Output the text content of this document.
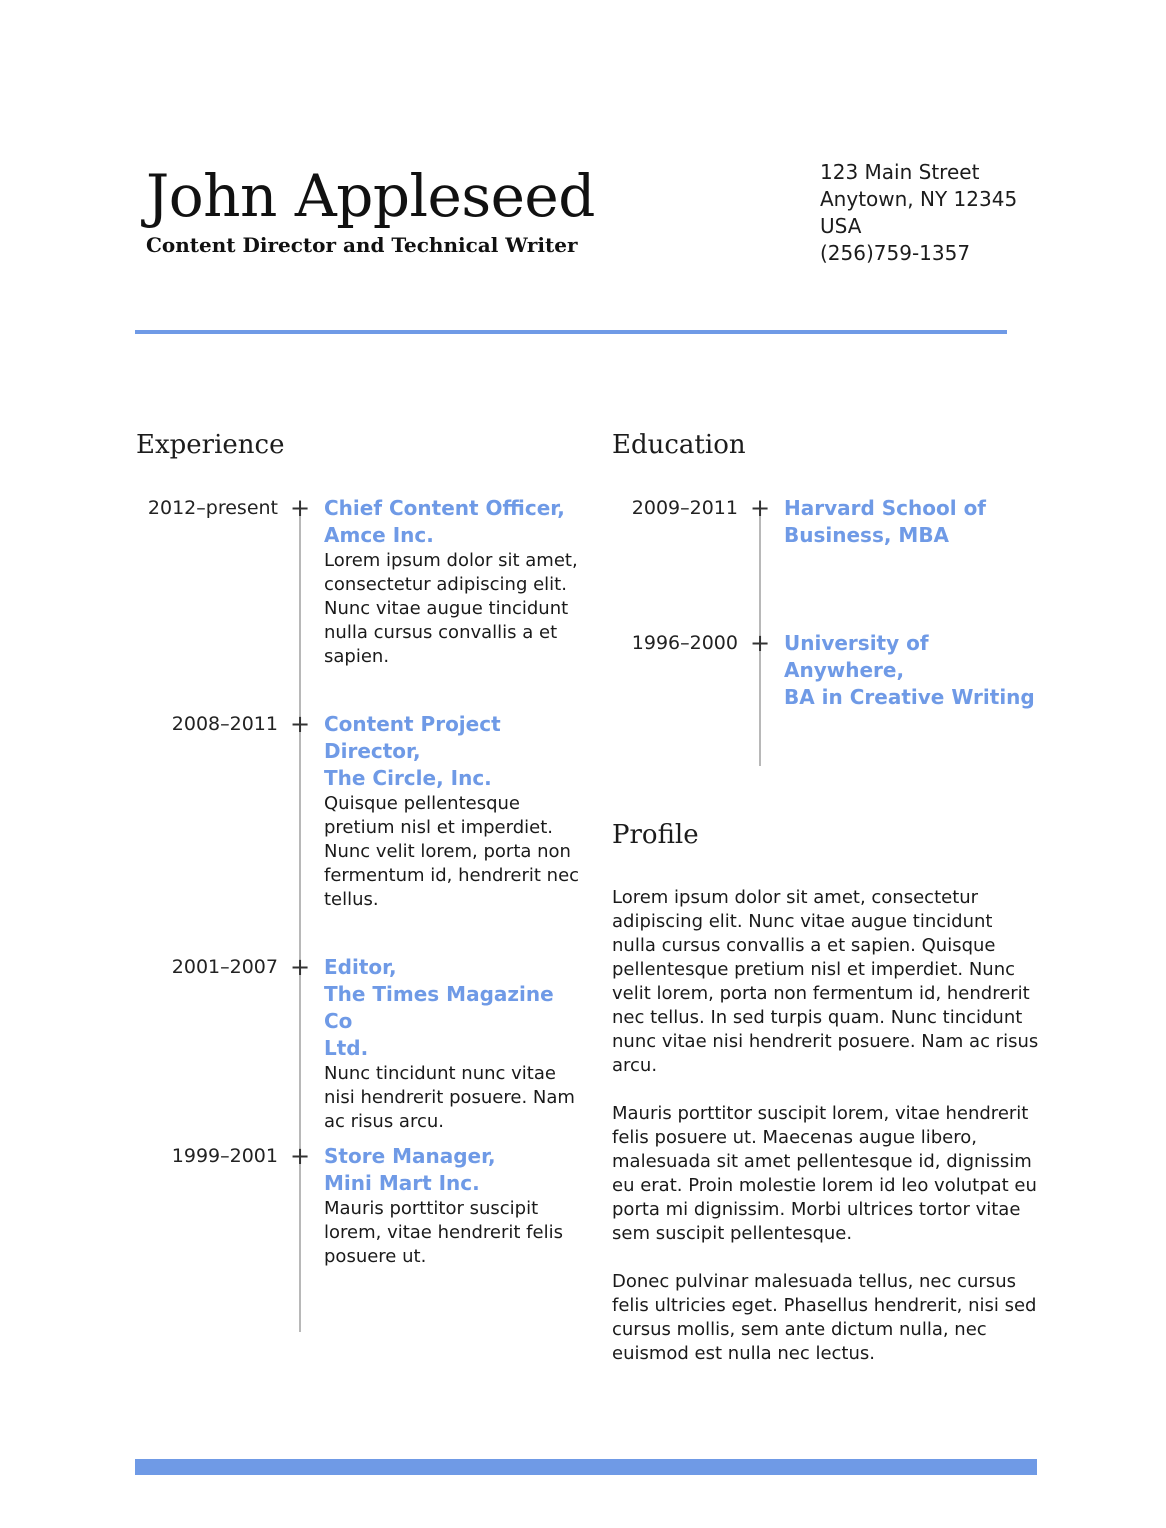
John Appleseed
Content Director and Technical Writer
123 Main Street
Anytown, NY 12345
USA
(256)759-1357
Experience
2012–present + Chief Content Officer,
Amce Inc.
Lorem ipsum dolor sit amet, consectetur adipiscing elit. Nunc vitae augue tincidunt nulla cursus convallis a et sapien.
2008–2011 + Content Project
Director,
The Circle, Inc.
Quisque pellentesque pretium nisl et imperdiet. Nunc velit lorem, porta non fermentum id, hendrerit nec tellus.
2001–2007 + Editor,
The Times Magazine Co
Ltd.
Nunc tincidunt nunc vitae nisi hendrerit posuere. Nam ac risus arcu.
1999–2001 + Store Manager,
Mini Mart Inc.
Mauris porttitor suscipit lorem, vitae hendrerit felis posuere ut.
Education
2009–2011 + Harvard School of
Business, MBA
1996–2000 + University of
Anywhere,
BA in Creative Writing
Profile

Lorem ipsum dolor sit amet, consectetur adipiscing elit. Nunc vitae augue tincidunt nulla cursus convallis a et sapien. Quisque pellentesque pretium nisl et imperdiet. Nunc velit lorem, porta non fermentum id, hendrerit nec tellus. In sed turpis quam. Nunc tincidunt nunc vitae nisi hendrerit posuere. Nam ac risus arcu.

Mauris porttitor suscipit lorem, vitae hendrerit felis posuere ut. Maecenas augue libero, malesuada sit amet pellentesque id, dignissim eu erat. Proin molestie lorem id leo volutpat eu porta mi dignissim. Morbi ultrices tortor vitae sem suscipit pellentesque.

Donec pulvinar malesuada tellus, nec cursus felis ultricies eget. Phasellus hendrerit, nisi sed cursus mollis, sem ante dictum nulla, nec euismod est nulla nec lectus.
